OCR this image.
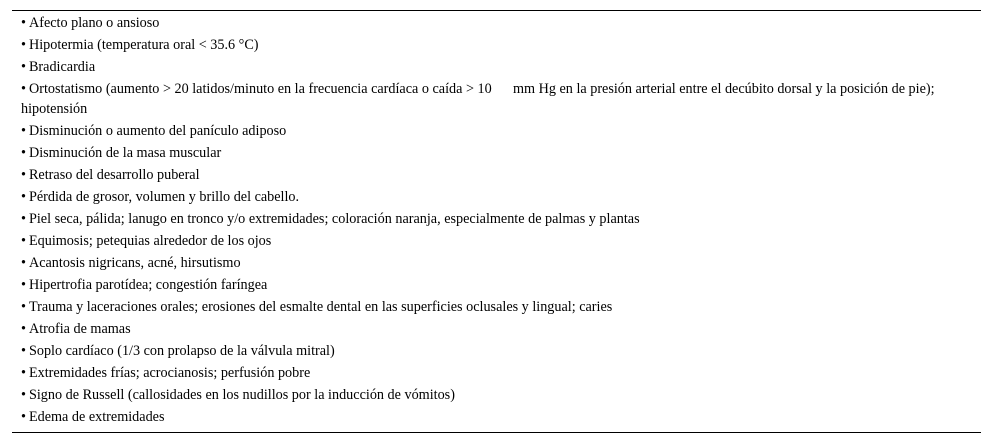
• Afecto plano o ansioso
• Hipotermia (temperatura oral < 35.6 °C)
• Bradicardia
• Ortostatismo (aumento > 20 latidos/minuto en la frecuencia cardíaca o caída > 10  mm Hg en la presión arterial entre el decúbito dorsal y la posición de pie); hipotensión
• Disminución o aumento del panículo adiposo
• Disminución de la masa muscular
• Retraso del desarrollo puberal
• Pérdida de grosor, volumen y brillo del cabello.
• Piel seca, pálida; lanugo en tronco y/o extremidades; coloración naranja, especialmente de palmas y plantas
• Equimosis; petequias alrededor de los ojos
• Acantosis nigricans, acné, hirsutismo
• Hipertrofia parotídea; congestión faríngea
• Trauma y laceraciones orales; erosiones del esmalte dental en las superficies oclusales y lingual; caries
• Atrofia de mamas
• Soplo cardíaco (1/3 con prolapso de la válvula mitral)
• Extremidades frías; acrocianosis; perfusión pobre
• Signo de Russell (callosidades en los nudillos por la inducción de vómitos)
• Edema de extremidades
